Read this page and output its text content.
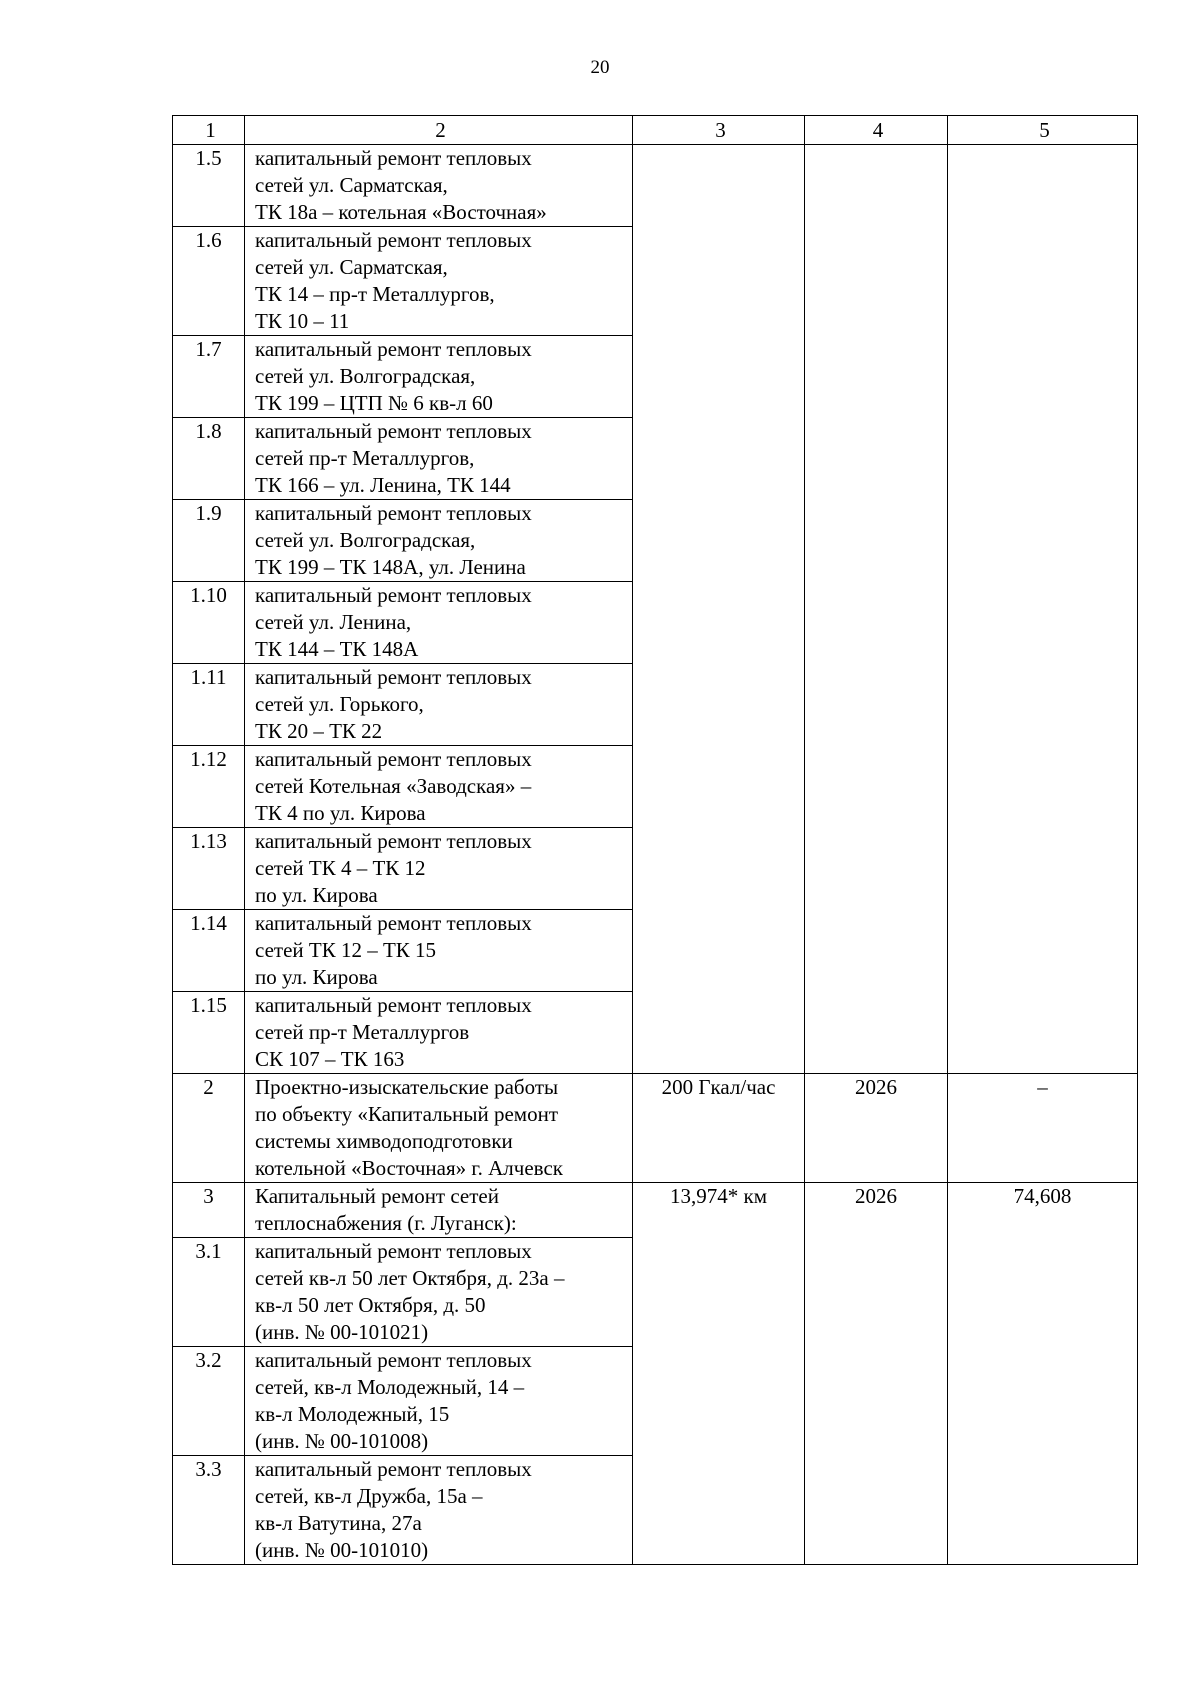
20
1	2	3	4	5
1.5	капитальный ремонт тепловых
сетей ул. Сарматская,
ТК 18а – котельная «Восточная»			

1.6	капитальный ремонт тепловых
сетей ул. Сарматская,
ТК 14 – пр-т Металлургов,
ТК 10 – 11			

1.7	капитальный ремонт тепловых
сетей ул. Волгоградская,
ТК 199 – ЦТП № 6 кв-л 60			

1.8	капитальный ремонт тепловых
сетей пр-т Металлургов,
ТК 166 – ул. Ленина, ТК 144			

1.9	капитальный ремонт тепловых
сетей ул. Волгоградская,
ТК 199 – ТК 148А, ул. Ленина			

1.10	капитальный ремонт тепловых
сетей ул. Ленина,
ТК 144 – ТК 148А			

1.11	капитальный ремонт тепловых
сетей ул. Горького,
ТК 20 – ТК 22			

1.12	капитальный ремонт тепловых
сетей Котельная «Заводская» –
ТК 4 по ул. Кирова			

1.13	капитальный ремонт тепловых
сетей ТК 4 – ТК 12
по ул. Кирова			

1.14	капитальный ремонт тепловых
сетей ТК 12 – ТК 15
по ул. Кирова			

1.15	капитальный ремонт тепловых
сетей пр-т Металлургов
СК 107 – ТК 163			

2	Проектно-изыскательские работы
по объекту «Капитальный ремонт
системы химводоподготовки
котельной «Восточная» г. Алчевск	200 Гкал/час	2026	–
3	Капитальный ремонт сетей
теплоснабжения (г. Луганск):	13,974* км	2026	74,608
3.1	капитальный ремонт тепловых
сетей кв-л 50 лет Октября, д. 23а –
кв-л 50 лет Октября, д. 50
(инв. № 00-101021)			

3.2	капитальный ремонт тепловых
сетей, кв-л Молодежный, 14 –
кв-л Молодежный, 15
(инв. № 00-101008)			

3.3	капитальный ремонт тепловых
сетей, кв-л Дружба, 15а –
кв-л Ватутина, 27а
(инв. № 00-101010)			
